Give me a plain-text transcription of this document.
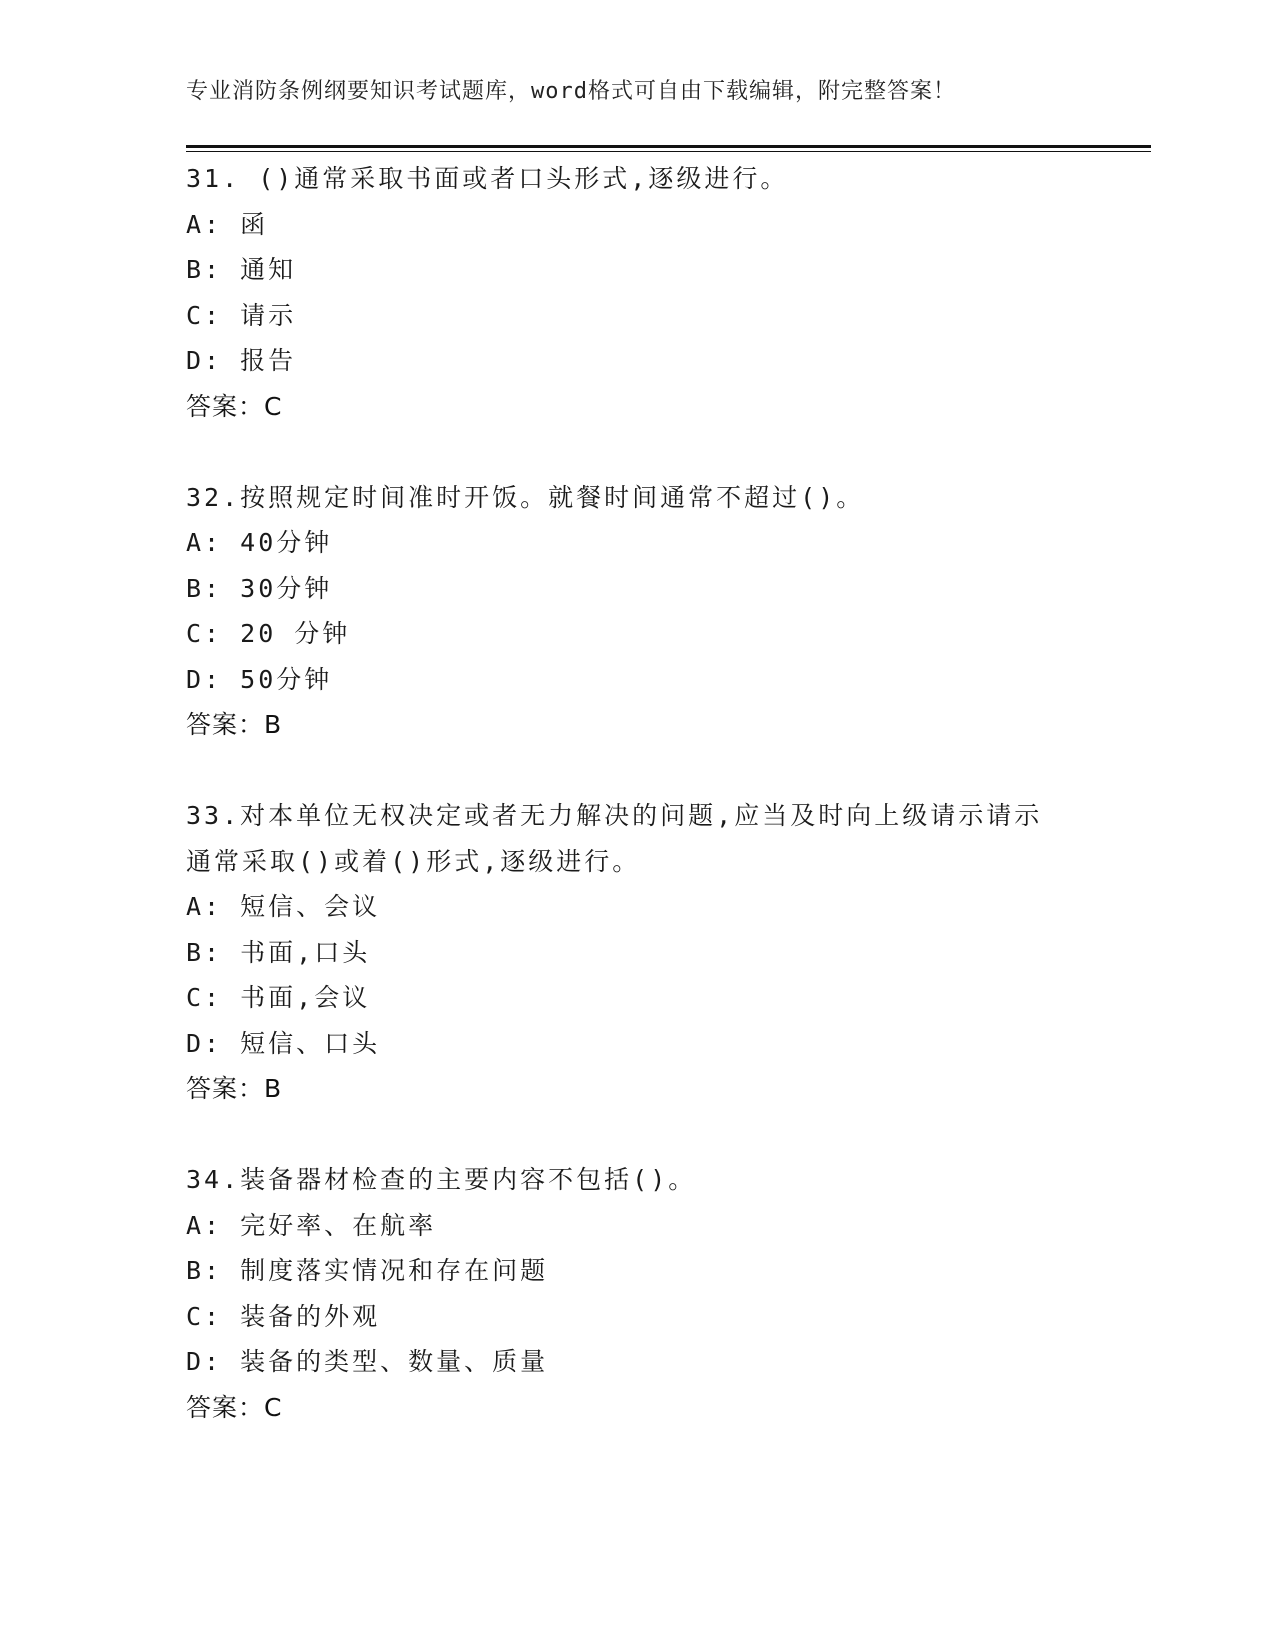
专业消防条例纲要知识考试题库，word格式可自由下载编辑，附完整答案！
31. ()通常采取书面或者口头形式,逐级进行。
A: 函
B: 通知
C: 请示
D: 报告
答案：C
32.按照规定时间准时开饭。就餐时间通常不超过()。
A: 40分钟
B: 30分钟
C: 20 分钟
D: 50分钟
答案：B
33.对本单位无权决定或者无力解决的问题,应当及时向上级请示请示
通常采取()或着()形式,逐级进行。
A: 短信、会议
B: 书面,口头
C: 书面,会议
D: 短信、口头
答案：B
34.装备器材检查的主要内容不包括()。
A: 完好率、在航率
B: 制度落实情况和存在问题
C: 装备的外观
D: 装备的类型、数量、质量
答案：C
